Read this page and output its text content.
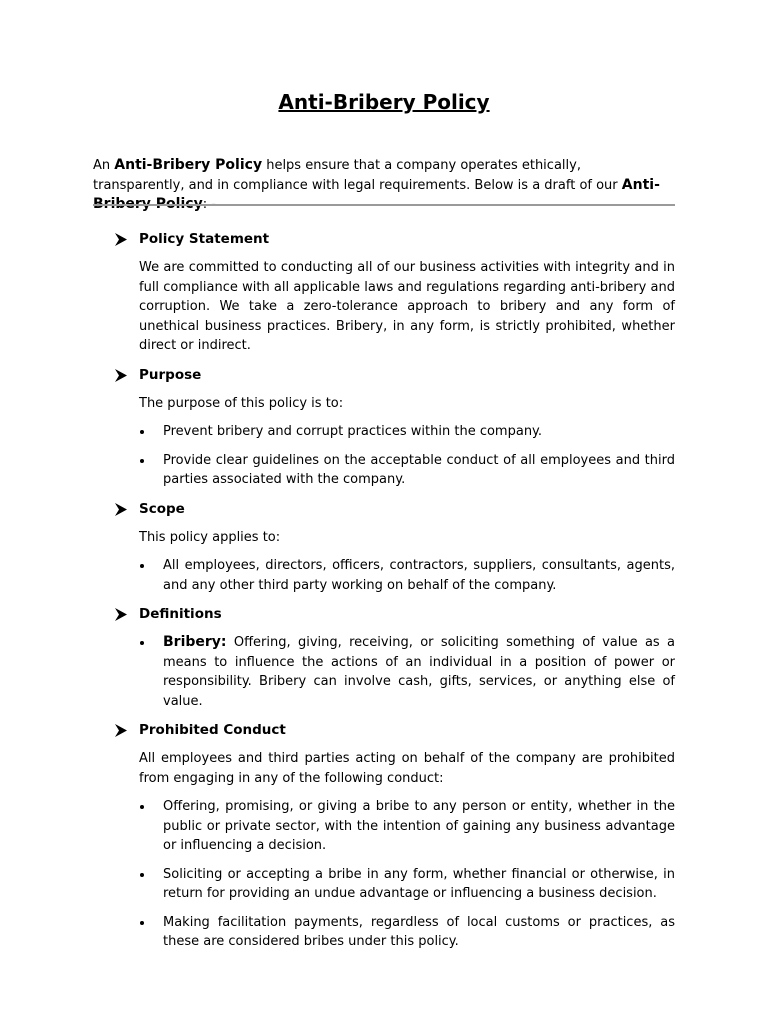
Anti-Bribery Policy
An Anti-Bribery Policy helps ensure that a company operates ethically, transparently, and in compliance with legal requirements. Below is a draft of our Anti-Bribery Policy: -
Policy Statement
We are committed to conducting all of our business activities with integrity and in full compliance with all applicable laws and regulations regarding anti-bribery and corruption. We take a zero-tolerance approach to bribery and any form of unethical business practices. Bribery, in any form, is strictly prohibited, whether direct or indirect.
Purpose
The purpose of this policy is to:
Prevent bribery and corrupt practices within the company.
Provide clear guidelines on the acceptable conduct of all employees and third parties associated with the company.
Scope
This policy applies to:
All employees, directors, officers, contractors, suppliers, consultants, agents, and any other third party working on behalf of the company.
Definitions
Bribery: Offering, giving, receiving, or soliciting something of value as a means to influence the actions of an individual in a position of power or responsibility. Bribery can involve cash, gifts, services, or anything else of value.
Prohibited Conduct
All employees and third parties acting on behalf of the company are prohibited from engaging in any of the following conduct:
Offering, promising, or giving a bribe to any person or entity, whether in the public or private sector, with the intention of gaining any business advantage or influencing a decision.
Soliciting or accepting a bribe in any form, whether financial or otherwise, in return for providing an undue advantage or influencing a business decision.
Making facilitation payments, regardless of local customs or practices, as these are considered bribes under this policy.
